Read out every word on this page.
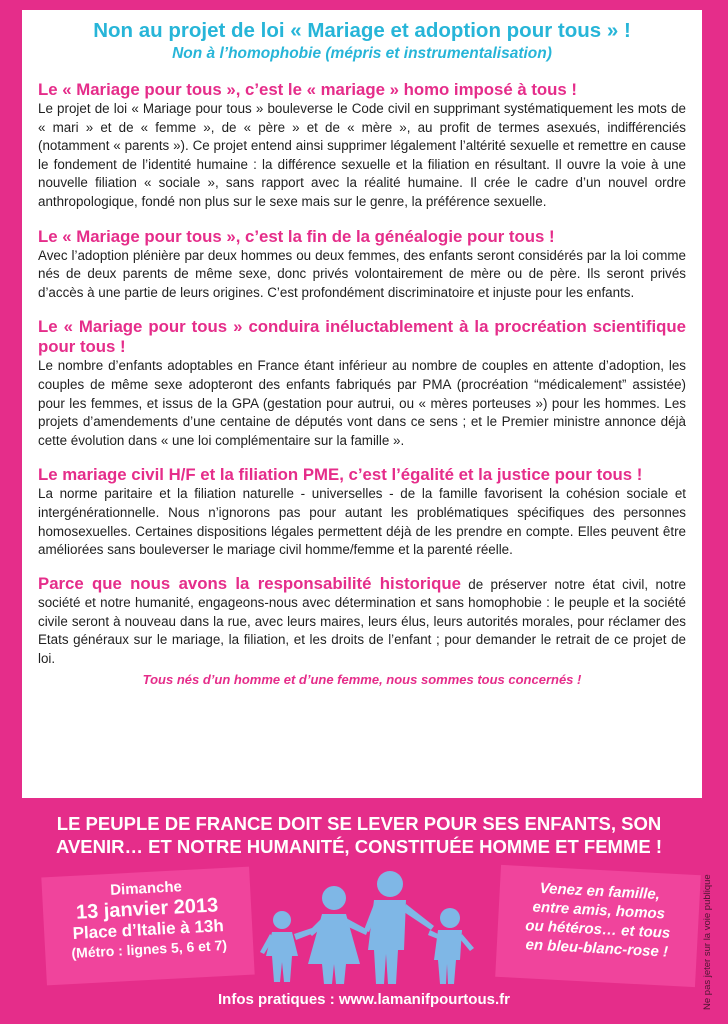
Non au projet de loi « Mariage et adoption pour tous » !
Non à l’homophobie (mépris et instrumentalisation)
Le « Mariage pour tous », c’est le « mariage » homo imposé à tous !

Le projet de loi « Mariage pour tous » bouleverse le Code civil en supprimant systématiquement les mots de « mari » et de « femme », de « père » et de « mère », au profit de termes asexués, indifférenciés (notamment « parents »). Ce projet entend ainsi supprimer légalement l’altérité sexuelle et remettre en cause le fondement de l’identité humaine : la différence sexuelle et la filiation en résultant. Il ouvre la voie à une nouvelle filiation « sociale », sans rapport avec la réalité humaine. Il crée le cadre d’un nouvel ordre anthropologique, fondé non plus sur le sexe mais sur le genre, la préférence sexuelle.

Le « Mariage pour tous », c’est la fin de la généalogie pour tous !

Avec l’adoption plénière par deux hommes ou deux femmes, des enfants seront considérés par la loi comme nés de deux parents de même sexe, donc privés volontairement de mère ou de père. Ils seront privés d’accès à une partie de leurs origines. C’est profondément discriminatoire et injuste pour les enfants.

Le « Mariage pour tous » conduira inéluctablement à la procréation scientifique pour tous !

Le nombre d’enfants adoptables en France étant inférieur au nombre de couples en attente d’adoption, les couples de même sexe adopteront des enfants fabriqués par PMA (procréation “médicalement” assistée) pour les femmes, et issus de la GPA (gestation pour autrui, ou « mères porteuses ») pour les hommes. Les projets d’amendements d’une centaine de députés vont dans ce sens ; et le Premier ministre annonce déjà cette évolution dans « une loi complémentaire sur la famille ».

Le mariage civil H/F et la filiation PME, c’est l’égalité et la justice pour tous !

La norme paritaire et la filiation naturelle - universelles - de la famille favorisent la cohésion sociale et intergénérationnelle. Nous n’ignorons pas pour autant les problématiques spécifiques des personnes homosexuelles. Certaines dispositions légales permettent déjà de les prendre en compte. Elles peuvent être améliorées sans bouleverser le mariage civil homme/femme et la parenté réelle.

Parce que nous avons la responsabilité historique de préserver notre état civil, notre société et notre humanité, engageons-nous avec détermination et sans homophobie : le peuple et la société civile seront à nouveau dans la rue, avec leurs maires, leurs élus, leurs autorités morales, pour réclamer des Etats généraux sur le mariage, la filiation, et les droits de l’enfant ; pour demander le retrait de ce projet de loi.

Tous nés d’un homme et d’une femme, nous sommes tous concernés !
LE PEUPLE DE FRANCE DOIT SE LEVER POUR SES ENFANTS, SON
AVENIR… ET NOTRE HUMANITÉ, CONSTITUÉE HOMME ET FEMME !
Dimanche
13 janvier 2013
Place d’Italie à 13h
(Métro : lignes 5, 6 et 7)
Venez en famille,
entre amis, homos
ou hétéros… et tous
en bleu-blanc-rose !
Infos pratiques : www.lamanifpourtous.fr	Ne pas jeter sur la voie publique
